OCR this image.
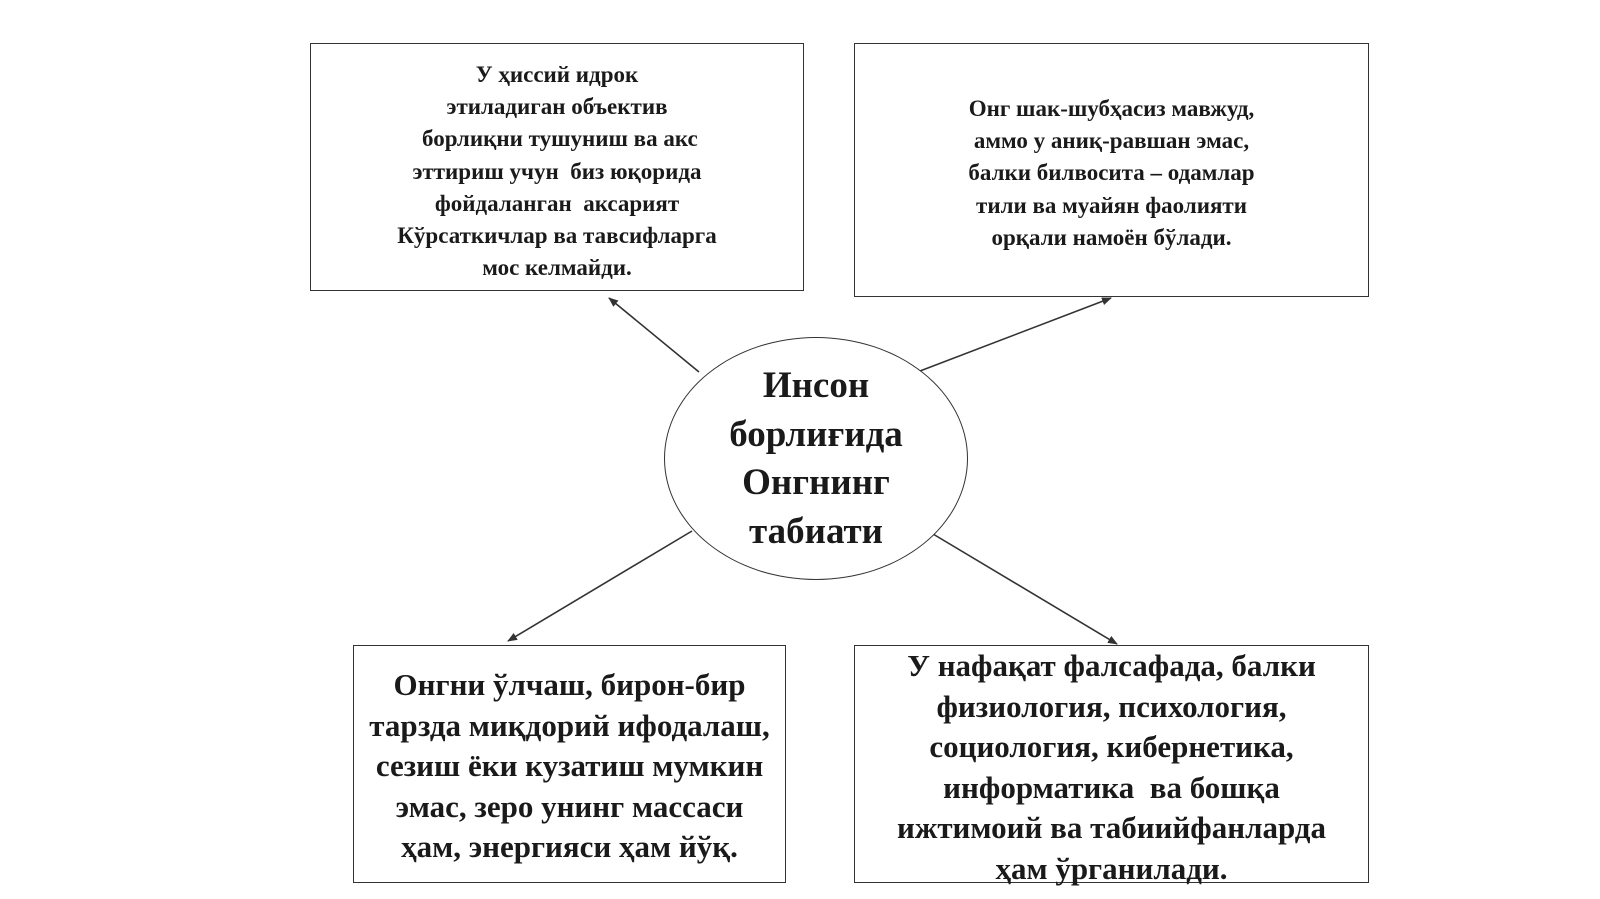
У ҳиссий идрок
этиладиган объектив
борлиқни тушуниш ва акс
эттириш учун  биз юқорида
фойдаланган  аксарият
Кўрсаткичлар ва тавсифларга
мос келмайди.
Онг шак-шубҳасиз мавжуд,
аммо у аниқ-равшан эмас,
балки билвосита – одамлар
тили ва муайян фаолияти
орқали намоён бўлади.
Инсон
борлиғида
Онгнинг
табиати
Онгни ўлчаш, бирон-бир
тарзда миқдорий ифодалаш,
сезиш ёки кузатиш мумкин
эмас, зеро унинг массаси
ҳам, энергияси ҳам йўқ.
У нафақат фалсафада, балки
физиология, психология,
социология, кибернетика,
информатика  ва бошқа
ижтимоий ва табиийфанларда
ҳам ўрганилади.
